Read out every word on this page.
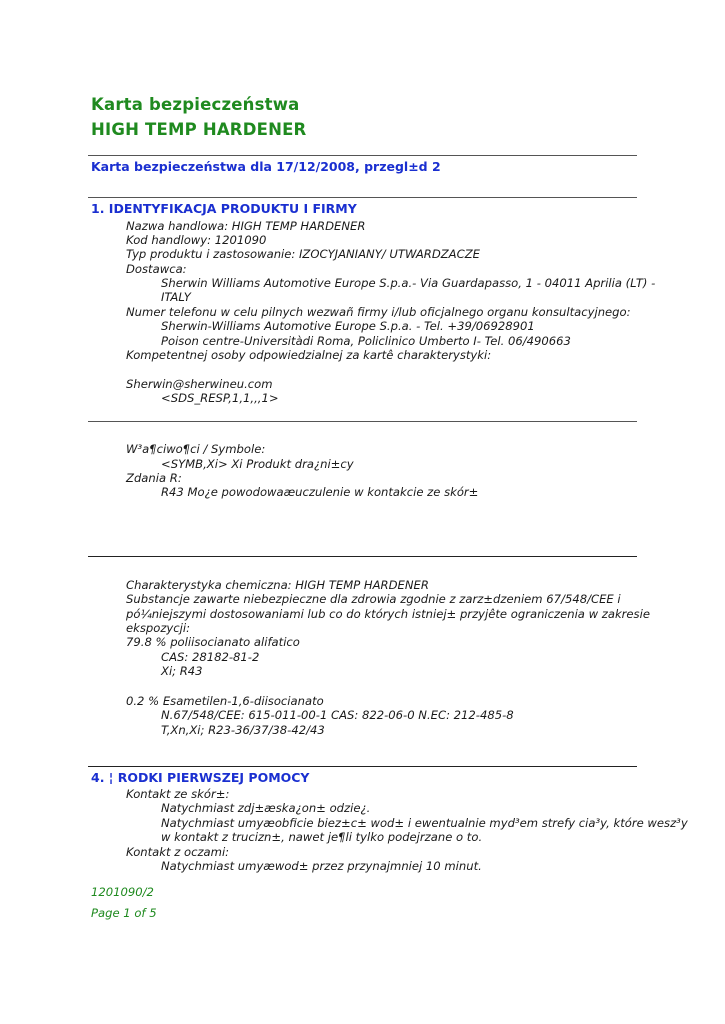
Karta bezpieczeństwa
HIGH TEMP HARDENER
Karta bezpieczeństwa dla 17/12/2008, przegl±d 2
1. IDENTYFIKACJA PRODUKTU I FIRMY
Nazwa handlowa: HIGH TEMP HARDENER
Kod handlowy: 1201090
Typ produktu i zastosowanie: IZOCYJANIANY/ UTWARDZACZE
Dostawca:
Sherwin Williams Automotive Europe S.p.a.- Via Guardapasso, 1 - 04011 Aprilia (LT) -
ITALY
Numer telefonu w celu pilnych wezwañ firmy i/lub oficjalnego organu konsultacyjnego:
Sherwin-Williams Automotive Europe S.p.a. - Tel. +39/06928901
Poison centre-Universitàdi Roma, Policlinico Umberto I- Tel. 06/490663
Kompetentnej osoby odpowiedzialnej za kartê charakterystyki:
Sherwin@sherwineu.com
<SDS_RESP,1,1,,,1>
W³a¶ciwo¶ci / Symbole:
<SYMB,Xi> Xi Produkt dra¿ni±cy
Zdania R:
R43 Mo¿e powodowaæuczulenie w kontakcie ze skór±
Charakterystyka chemiczna: HIGH TEMP HARDENER
Substancje zawarte niebezpieczne dla zdrowia zgodnie z zarz±dzeniem 67/548/CEE i
pó¼niejszymi dostosowaniami lub co do których istniej± przyjête ograniczenia w zakresie
ekspozycji:
79.8 % poliisocianato alifatico
CAS: 28182-81-2
Xi; R43
0.2 % Esametilen-1,6-diisocianato
N.67/548/CEE: 615-011-00-1 CAS: 822-06-0 N.EC: 212-485-8
T,Xn,Xi; R23-36/37/38-42/43
4. ¦ RODKI PIERWSZEJ POMOCY
Kontakt ze skór±:
Natychmiast zdj±æska¿on± odzie¿.
Natychmiast umyæobficie biez±c± wod± i ewentualnie myd³em strefy cia³y, które wesz³y
w kontakt z trucizn±, nawet je¶li tylko podejrzane o to.
Kontakt z oczami:
Natychmiast umyæwod± przez przynajmniej 10 minut.
1201090/2
Page 1 of 5
